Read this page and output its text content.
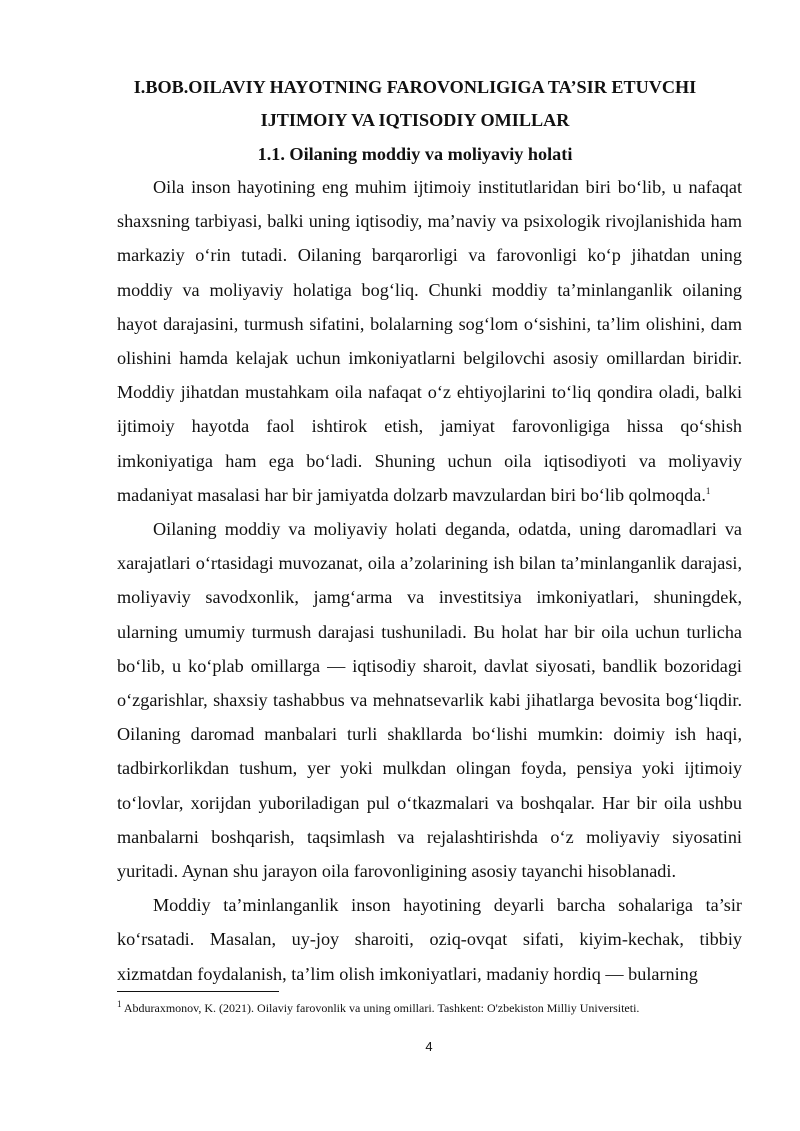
I.BOB.OILAVIY HAYOTNING FAROVONLIGIGA TA’SIR ETUVCHI
IJTIMOIY VA IQTISODIY OMILLAR
1.1. Oilaning moddiy va moliyaviy holati

Oila inson hayotining eng muhim ijtimoiy institutlaridan biri bo‘lib, u nafaqat shaxsning tarbiyasi, balki uning iqtisodiy, ma’naviy va psixologik rivojlanishida ham markaziy o‘rin tutadi. Oilaning barqarorligi va farovonligi ko‘p jihatdan uning moddiy va moliyaviy holatiga bog‘liq. Chunki moddiy ta’minlanganlik oilaning hayot darajasini, turmush sifatini, bolalarning sog‘lom o‘sishini, ta’lim olishini, dam olishini hamda kelajak uchun imkoniyatlarni belgilovchi asosiy omillardan biridir. Moddiy jihatdan mustahkam oila nafaqat o‘z ehtiyojlarini to‘liq qondira oladi, balki ijtimoiy hayotda faol ishtirok etish, jamiyat farovonligiga hissa qo‘shish imkoniyatiga ham ega bo‘ladi. Shuning uchun oila iqtisodiyoti va moliyaviy madaniyat masalasi har bir jamiyatda dolzarb mavzulardan biri bo‘lib qolmoqda.$^1$

Oilaning moddiy va moliyaviy holati deganda, odatda, uning daromadlari va xarajatlari o‘rtasidagi muvozanat, oila a’zolarining ish bilan ta’minlanganlik darajasi, moliyaviy savodxonlik, jamg‘arma va investitsiya imkoniyatlari, shuningdek, ularning umumiy turmush darajasi tushuniladi. Bu holat har bir oila uchun turlicha bo‘lib, u ko‘plab omillarga — iqtisodiy sharoit, davlat siyosati, bandlik bozoridagi o‘zgarishlar, shaxsiy tashabbus va mehnatsevarlik kabi jihatlarga bevosita bog‘liqdir. Oilaning daromad manbalari turli shakllarda bo‘lishi mumkin: doimiy ish haqi, tadbirkorlikdan tushum, yer yoki mulkdan olingan foyda, pensiya yoki ijtimoiy to‘lovlar, xorijdan yuboriladigan pul o‘tkazmalari va boshqalar. Har bir oila ushbu manbalarni boshqarish, taqsimlash va rejalashtirishda o‘z moliyaviy siyosatini yuritadi. Aynan shu jarayon oila farovonligining asosiy tayanchi hisoblanadi.

Moddiy ta’minlanganlik inson hayotining deyarli barcha sohalariga ta’sir ko‘rsatadi. Masalan, uy-joy sharoiti, oziq-ovqat sifati, kiyim-kechak, tibbiy xizmatdan foydalanish, ta’lim olish imkoniyatlari, madaniy hordiq — bularning

$^1$ Abduraxmonov, K. (2021). Oilaviy farovonlik va uning omillari. Tashkent: O'zbekiston Milliy Universiteti.

4
